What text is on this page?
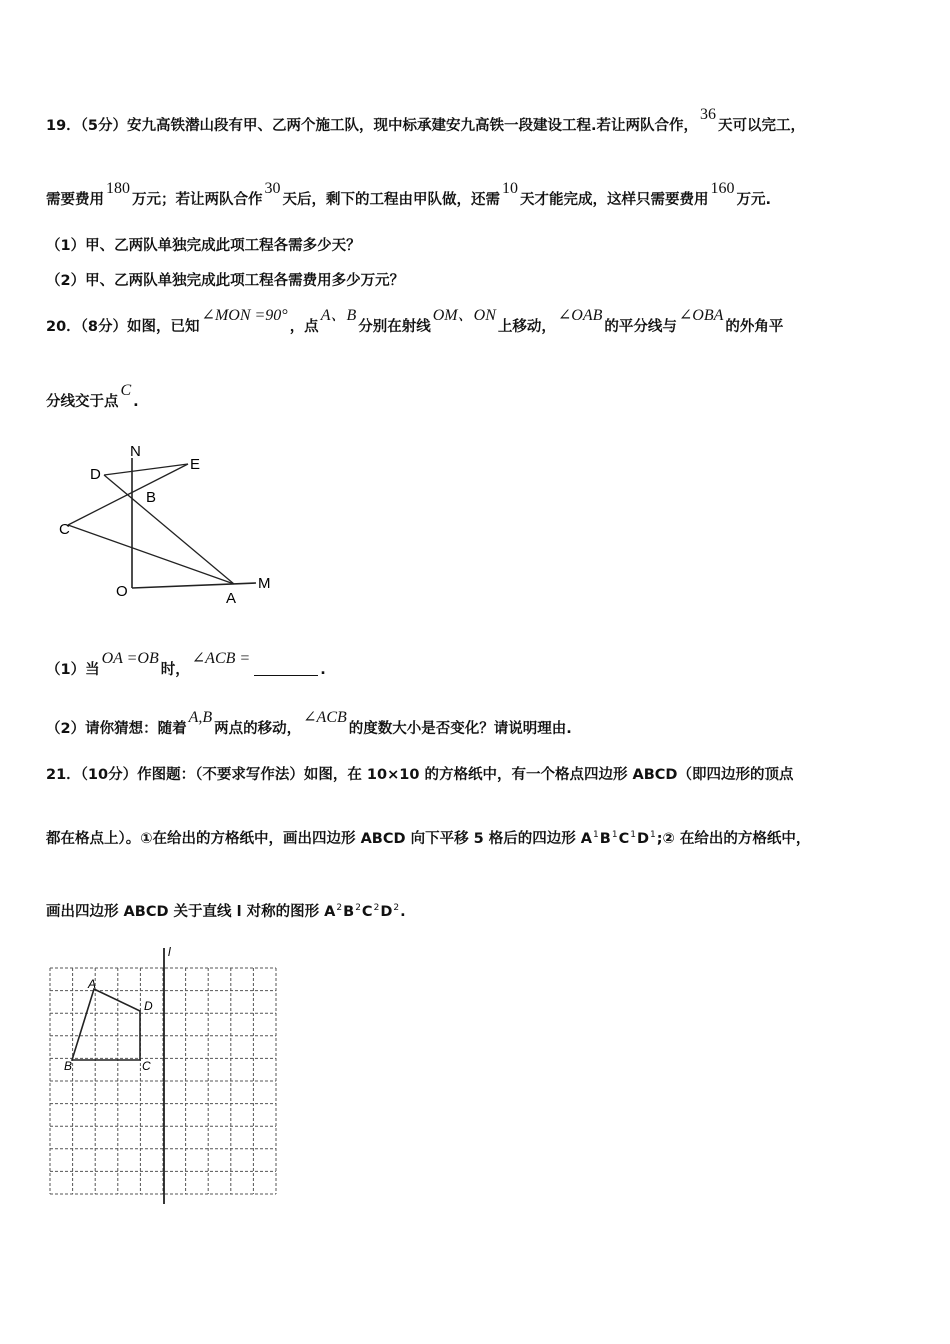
19．（5分）安九高铁潜山段有甲、乙两个施工队，现中标承建安九高铁一段建设工程.若让两队合作，36天可以完工，
需要费用180万元；若让两队合作30天后，剩下的工程由甲队做，还需10天才能完成，这样只需要费用160万元.
（1）甲、乙两队单独完成此项工程各需多少天？
（2）甲、乙两队单独完成此项工程各需费用多少万元？
20．（8分）如图，已知∠MON =90°，点A、B分别在射线OM、ON上移动，∠OAB的平分线与∠OBA的外角平
分线交于点C.
N
E
D
B
C
O	A
M
（1）当OA =OB时，∠ACB =.
（2）请你猜想：随着A,B两点的移动，∠ACB的度数大小是否变化？请说明理由.
21．（10分）作图题：（不要求写作法）如图，在 10×10 的方格纸中，有一个格点四边形 ABCD（即四边形的顶点
都在格点上）。①在给出的方格纸中，画出四边形 ABCD 向下平移 5 格后的四边形 $A^1B^1C^1D^1;②$ 在给出的方格纸中，
画出四边形 ABCD 关于直线 l 对称的图形 $A^2B^2C^2D^2$.
l
A
B	C
D
